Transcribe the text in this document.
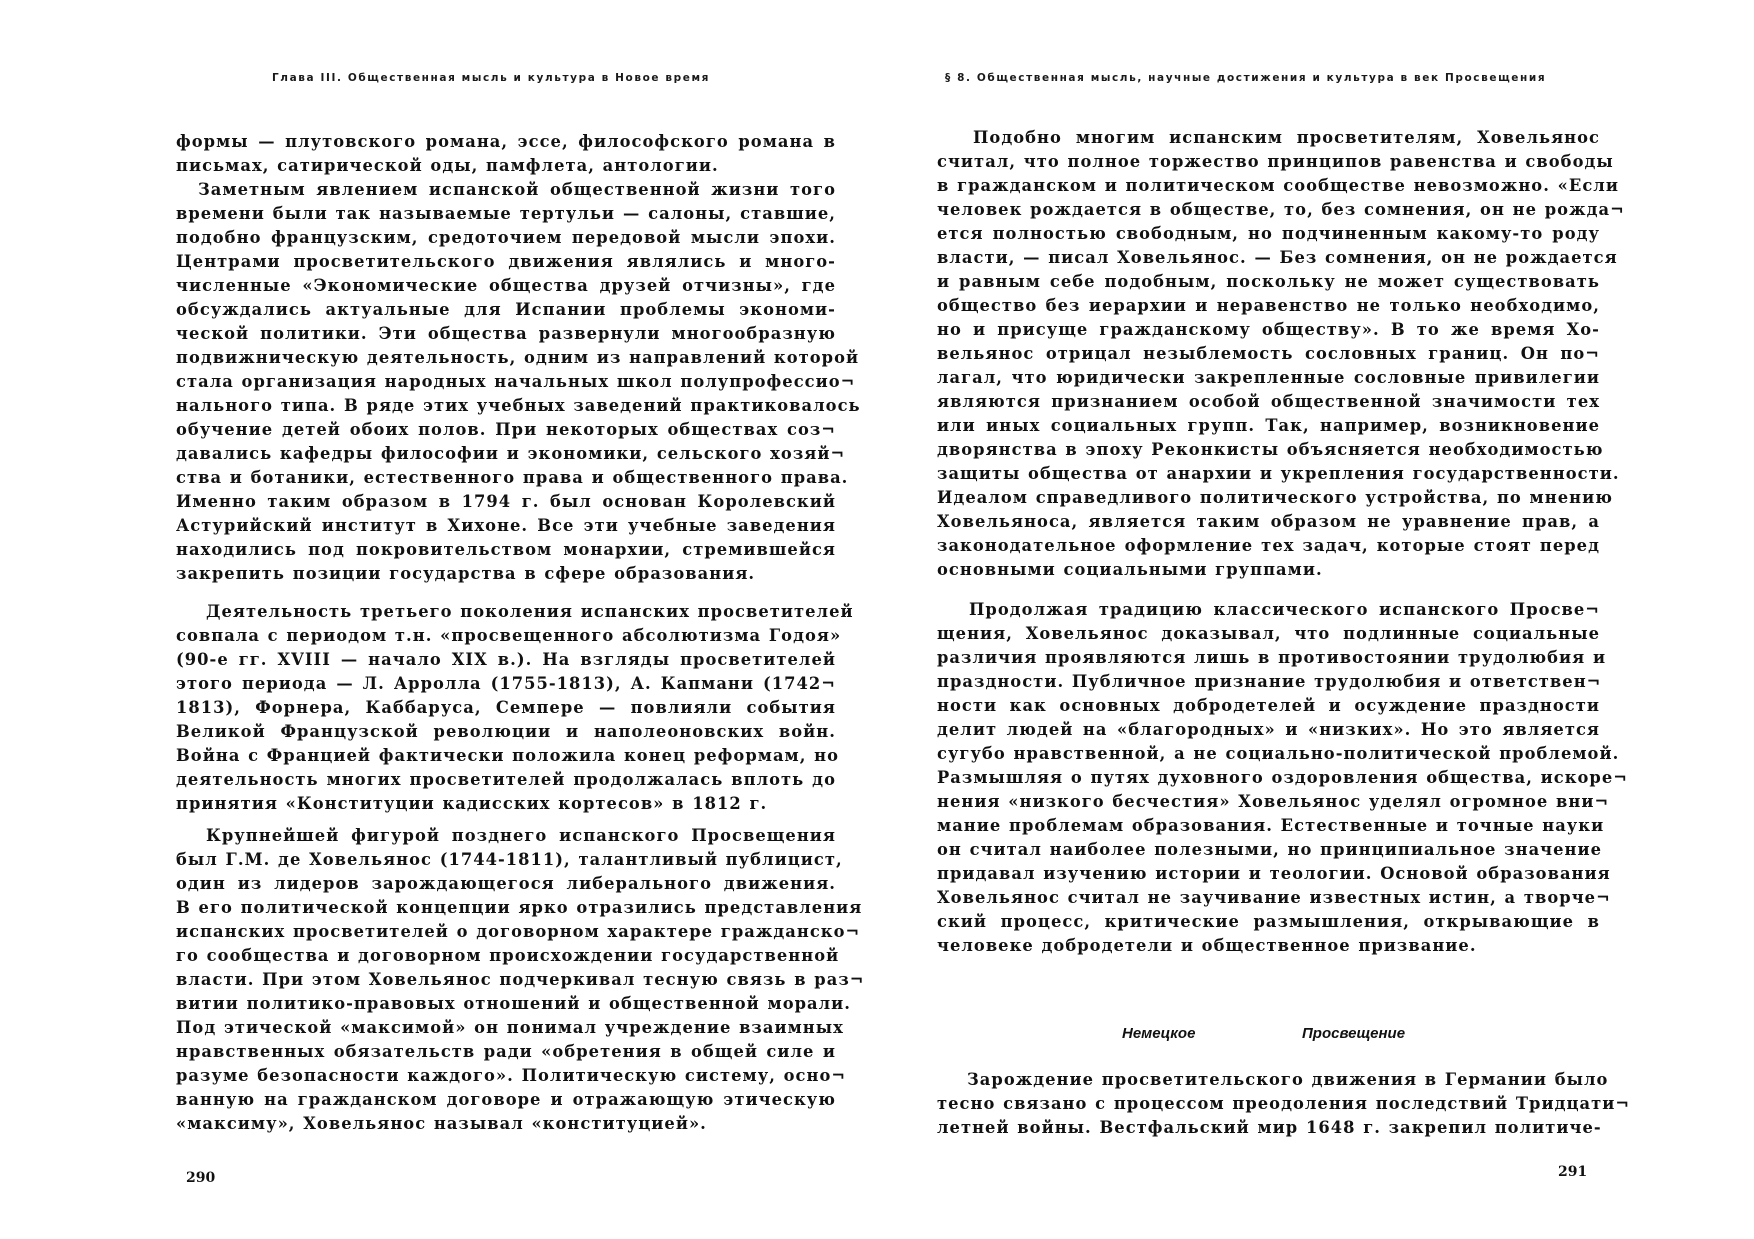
Глава III. Общественная мысль и культура в Новое время
формы — плутовского романа, эссе, философского романа в
письмах, сатирической оды, памфлета, антологии.
Заметным явлением испанской общественной жизни того
времени были так называемые тертульи — салоны, ставшие,
подобно французским, средоточием передовой мысли эпохи.
Центрами просветительского движения являлись и много-
численные «Экономические общества друзей отчизны», где
обсуждались актуальные для Испании проблемы экономи-
ческой политики. Эти общества развернули многообразную
подвижническую деятельность, одним из направлений которой
стала организация народных начальных школ полупрофессио¬
нального типа. В ряде этих учебных заведений практиковалось
обучение детей обоих полов. При некоторых обществах соз¬
давались кафедры философии и экономики, сельского хозяй¬
ства и ботаники, естественного права и общественного права.
Именно таким образом в 1794 г. был основан Королевский
Астурийский институт в Хихоне. Все эти учебные заведения
находились под покровительством монархии, стремившейся
закрепить позиции государства в сфере образования.
Деятельность третьего поколения испанских просветителей
совпала с периодом т.н. «просвещенного абсолютизма Годоя»
(90-е гг. XVIII — начало XIX в.). На взгляды просветителей
этого периода — Л. Арролла (1755-1813), А. Капмани (1742¬
1813), Форнера, Каббаруса, Семпере — повлияли события
Великой Французской революции и наполеоновских войн.
Война с Францией фактически положила конец реформам, но
деятельность многих просветителей продолжалась вплоть до
принятия «Конституции кадисских кортесов» в 1812 г.
Крупнейшей фигурой позднего испанского Просвещения
был Г.М. де Ховельянос (1744-1811), талантливый публицист,
один из лидеров зарождающегося либерального движения.
В его политической концепции ярко отразились представления
испанских просветителей о договорном характере гражданско¬
го сообщества и договорном происхождении государственной
власти. При этом Ховельянос подчеркивал тесную связь в раз¬
витии политико-правовых отношений и общественной морали.
Под этической «максимой» он понимал учреждение взаимных
нравственных обязательств ради «обретения в общей силе и
разуме безопасности каждого». Политическую систему, осно¬
ванную на гражданском договоре и отражающую этическую
«максиму», Ховельянос называл «конституцией».
290
§ 8. Общественная мысль, научные достижения и культура в век Просвещения
Подобно многим испанским просветителям, Ховельянос
считал, что полное торжество принципов равенства и свободы
в гражданском и политическом сообществе невозможно. «Если
человек рождается в обществе, то, без сомнения, он не рожда¬
ется полностью свободным, но подчиненным какому-то роду
власти, — писал Ховельянос. — Без сомнения, он не рождается
и равным себе подобным, поскольку не может существовать
общество без иерархии и неравенство не только необходимо,
но и присуще гражданскому обществу». В то же время Хо-
вельянос отрицал незыблемость сословных границ. Он по¬
лагал, что юридически закрепленные сословные привилегии
являются признанием особой общественной значимости тех
или иных социальных групп. Так, например, возникновение
дворянства в эпоху Реконкисты объясняется необходимостью
защиты общества от анархии и укрепления государственности.
Идеалом справедливого политического устройства, по мнению
Ховельяноса, является таким образом не уравнение прав, а
законодательное оформление тех задач, которые стоят перед
основными социальными группами.
Продолжая традицию классического испанского Просве¬
щения, Ховельянос доказывал, что подлинные социальные
различия проявляются лишь в противостоянии трудолюбия и
праздности. Публичное признание трудолюбия и ответствен¬
ности как основных добродетелей и осуждение праздности
делит людей на «благородных» и «низких». Но это является
сугубо нравственной, а не социально-политической проблемой.
Размышляя о путях духовного оздоровления общества, искоре¬
нения «низкого бесчестия» Ховельянос уделял огромное вни¬
мание проблемам образования. Естественные и точные науки
он считал наиболее полезными, но принципиальное значение
придавал изучению истории и теологии. Основой образования
Ховельянос считал не заучивание известных истин, а творче¬
ский процесс, критические размышления, открывающие в
человеке добродетели и общественное призвание.
Немецкое	Просвещение
Зарождение просветительского движения в Германии было
тесно связано с процессом преодоления последствий Тридцати¬
летней войны. Вестфальский мир 1648 г. закрепил политиче-
291
